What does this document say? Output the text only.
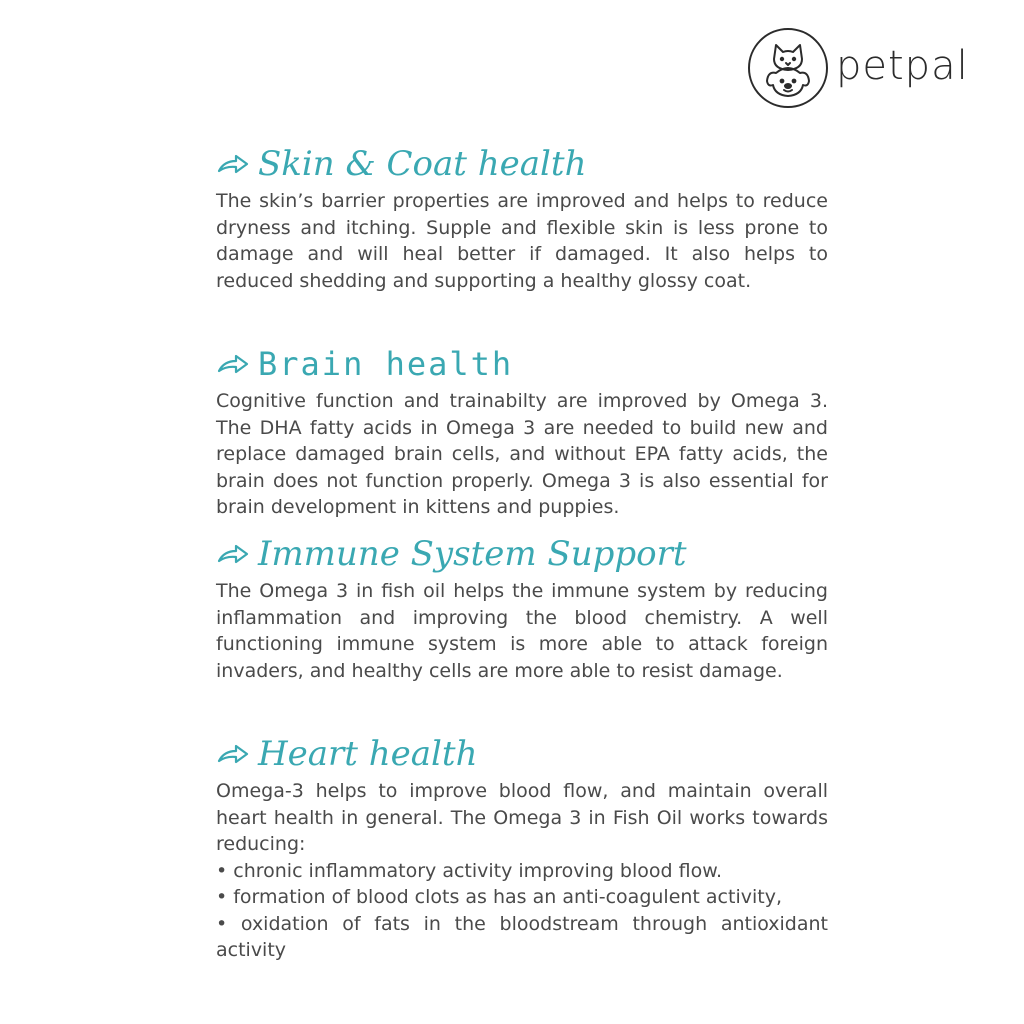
petpal
Skin & Coat health

The skin’s barrier properties are improved and helps to reduce dryness and itching. Supple and flexible skin is less prone to damage and will heal better if damaged. It also helps to reduced shedding and supporting a healthy glossy coat.

Brain health

Cognitive function and trainabilty are improved by Omega 3. The DHA fatty acids in Omega 3 are needed to build new and replace damaged brain cells, and without EPA fatty acids, the brain does not function properly. Omega 3 is also essential for brain development in kittens and puppies.

Immune System Support

The Omega 3 in fish oil helps the immune system by reducing inflammation and improving the blood chemistry. A well functioning immune system is more able to attack foreign invaders, and healthy cells are more able to resist damage.

Heart health

Omega-3 helps to improve blood flow, and maintain overall heart health in general. The Omega 3 in Fish Oil works towards reducing:

• chronic inflammatory activity improving blood flow.
• formation of blood clots as has an anti-coagulent activity,
• oxidation of fats in the bloodstream through antioxidant activity
